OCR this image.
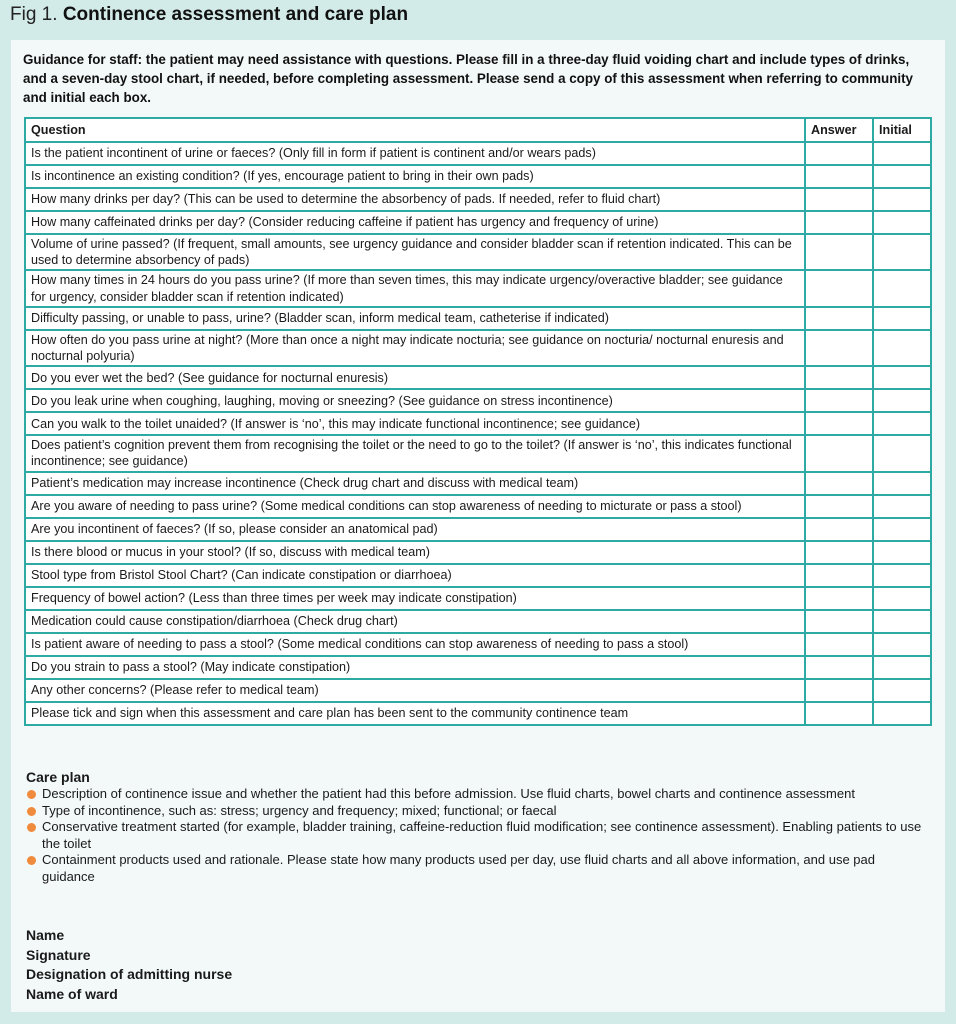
Fig 1. Continence assessment and care plan
Guidance for staff: the patient may need assistance with questions. Please fill in a three-day fluid voiding chart and include types of drinks, and a seven-day stool chart, if needed, before completing assessment. Please send a copy of this assessment when referring to community and initial each box.
Question	Answer	Initial
Is the patient incontinent of urine or faeces? (Only fill in form if patient is continent and/or wears pads)		
Is incontinence an existing condition? (If yes, encourage patient to bring in their own pads)		
How many drinks per day? (This can be used to determine the absorbency of pads. If needed, refer to fluid chart)		
How many caffeinated drinks per day? (Consider reducing caffeine if patient has urgency and frequency of urine)		
Volume of urine passed? (If frequent, small amounts, see urgency guidance and consider bladder scan if retention indicated. This can be used to determine absorbency of pads)		
How many times in 24 hours do you pass urine? (If more than seven times, this may indicate urgency/overactive bladder; see guidance for urgency, consider bladder scan if retention indicated)		
Difficulty passing, or unable to pass, urine? (Bladder scan, inform medical team, catheterise if indicated)		
How often do you pass urine at night? (More than once a night may indicate nocturia; see guidance on nocturia/ nocturnal enuresis and nocturnal polyuria)		
Do you ever wet the bed? (See guidance for nocturnal enuresis)		
Do you leak urine when coughing, laughing, moving or sneezing? (See guidance on stress incontinence)		
Can you walk to the toilet unaided? (If answer is ‘no’, this may indicate functional incontinence; see guidance)		
Does patient’s cognition prevent them from recognising the toilet or the need to go to the toilet? (If answer is ‘no’, this indicates functional incontinence; see guidance)		
Patient’s medication may increase incontinence (Check drug chart and discuss with medical team)		
Are you aware of needing to pass urine? (Some medical conditions can stop awareness of needing to micturate or pass a stool)		
Are you incontinent of faeces? (If so, please consider an anatomical pad)		
Is there blood or mucus in your stool? (If so, discuss with medical team)		
Stool type from Bristol Stool Chart? (Can indicate constipation or diarrhoea)		
Frequency of bowel action? (Less than three times per week may indicate constipation)		
Medication could cause constipation/diarrhoea (Check drug chart)		
Is patient aware of needing to pass a stool? (Some medical conditions can stop awareness of needing to pass a stool)		
Do you strain to pass a stool? (May indicate constipation)		
Any other concerns? (Please refer to medical team)		
Please tick and sign when this assessment and care plan has been sent to the community continence team		
Care plan
Description of continence issue and whether the patient had this before admission. Use fluid charts, bowel charts and continence assessment
Type of incontinence, such as: stress; urgency and frequency; mixed; functional; or faecal
Conservative treatment started (for example, bladder training, caffeine-reduction fluid modification; see continence assessment). Enabling patients to use the toilet
Containment products used and rationale. Please state how many products used per day, use fluid charts and all above information, and use pad guidance
Name
Signature
Designation of admitting nurse
Name of ward
